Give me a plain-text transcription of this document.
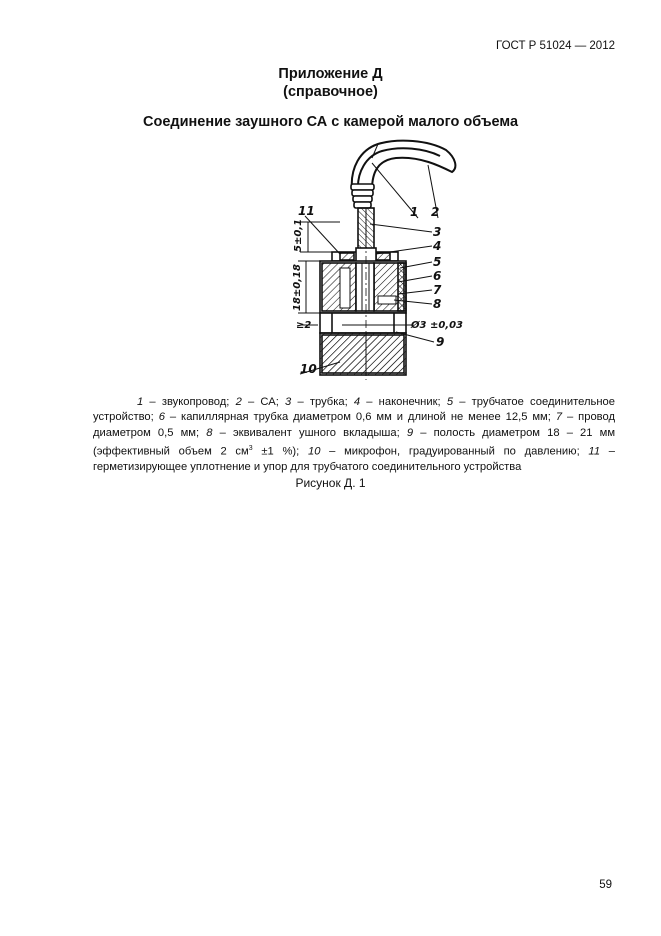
ГОСТ Р 51024 — 2012
Приложение Д
(справочное)
Соединение заушного СА с камерой малого объема
1 2
3
4
5
6
7
8
9
10
11
5±0,1
18±0,18
≥2	Ø3 ±0,03
1 – звукопровод; 2 – СА; 3 – трубка; 4 – наконечник; 5 – трубчатое соединительное устройство; 6 – капиллярная трубка диаметром 0,6 мм и длиной не менее 12,5 мм; 7 – провод диаметром 0,5 мм; 8 – эквивалент ушного вкладыша; 9 – полость диаметром 18 – 21 мм (эффективный объем 2 $см^3 \pm 1$ %); 10 – микрофон, градуированный по давлению; 11 – герметизирующее уплотнение и упор для трубчатого соединительного устройства
Рисунок Д. 1
59
